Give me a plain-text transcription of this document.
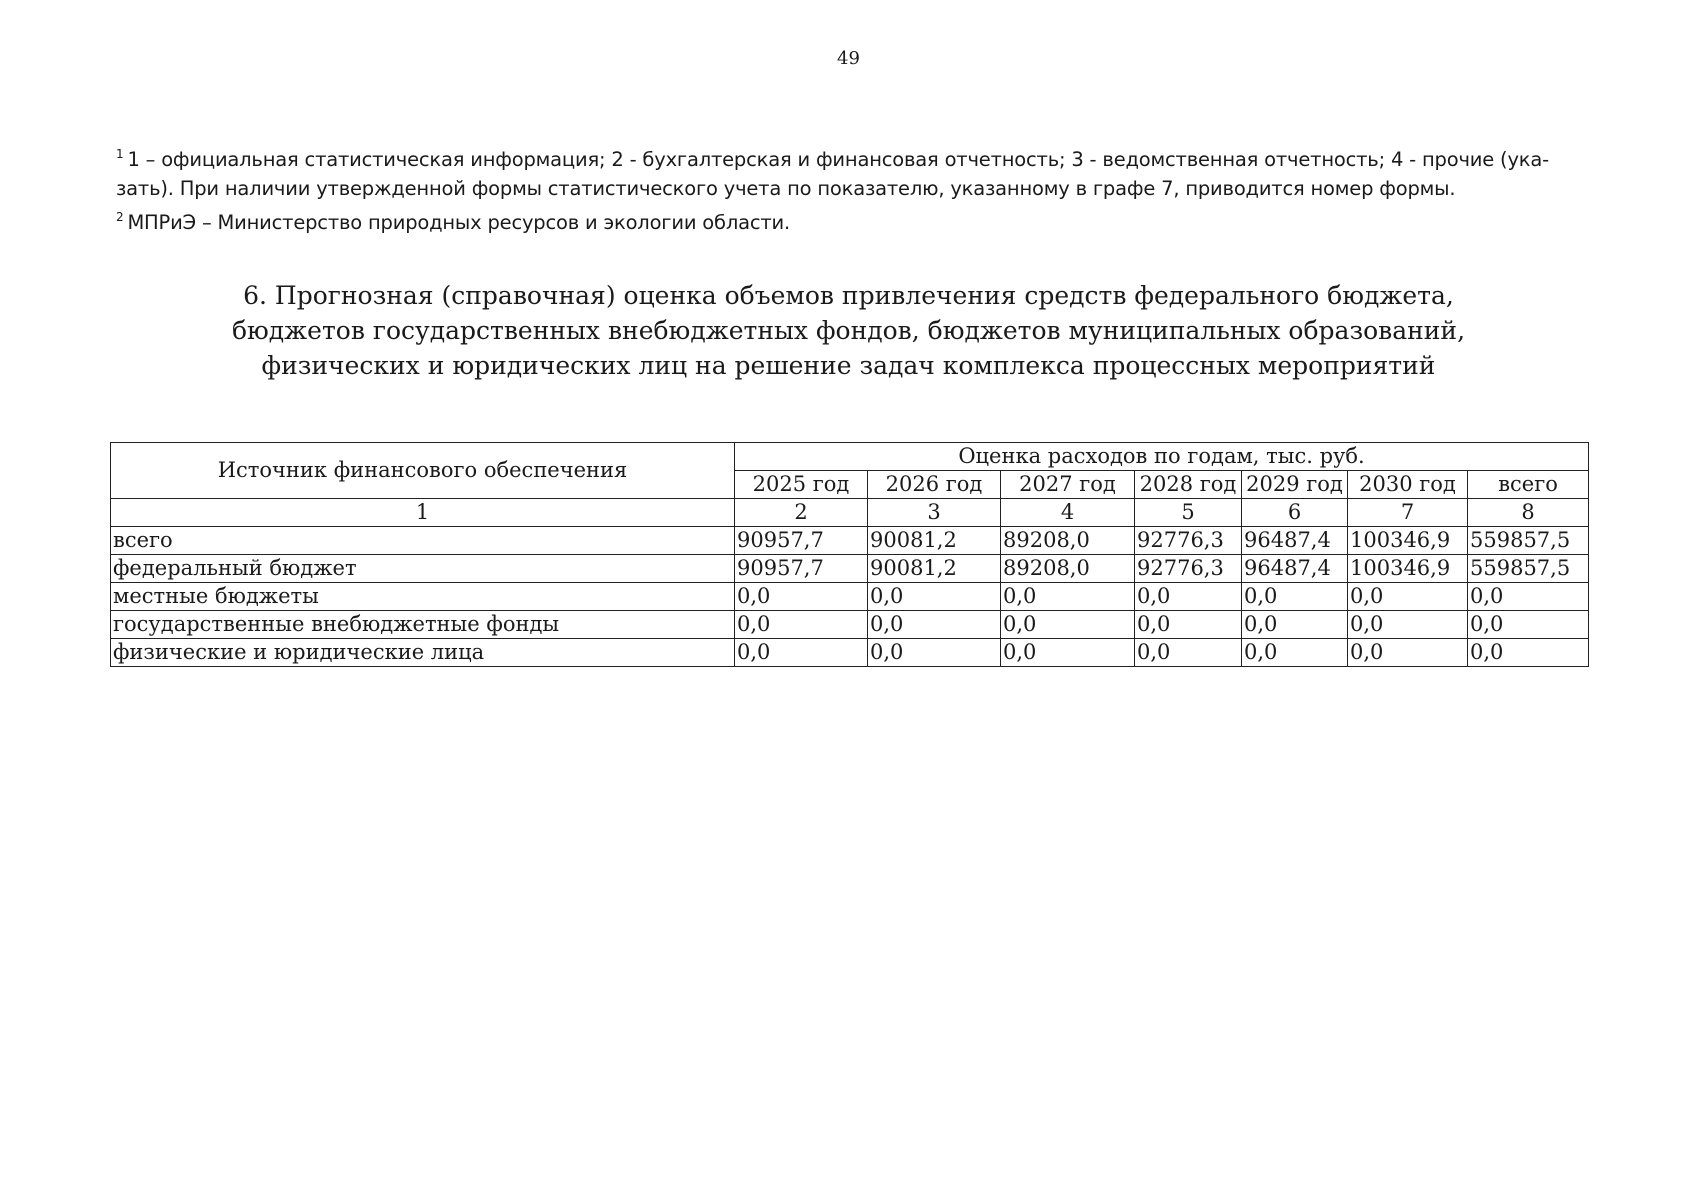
49

$^1$ 1 – официальная статистическая информация; 2 - бухгалтерская и финансовая отчетность; 3 - ведомственная отчетность; 4 - прочие (ука-зать). При наличии утвержденной формы статистического учета по показателю, указанному в графе 7, приводится номер формы.

$^2$ МПРиЭ – Министерство природных ресурсов и экологии области.

6. Прогнозная (справочная) оценка объемов привлечения средств федерального бюджета,
бюджетов государственных внебюджетных фондов, бюджетов муниципальных образований,
физических и юридических лиц на решение задач комплекса процессных мероприятий
Источник финансового обеспечения	Оценка расходов по годам, тыс. руб.						
	2025 год	2026 год	2027 год	2028 год	2029 год	2030 год	всего
1	2	3	4	5	6	7	8
всего	90957,7	90081,2	89208,0	92776,3	96487,4	100346,9	559857,5
федеральный бюджет	90957,7	90081,2	89208,0	92776,3	96487,4	100346,9	559857,5
местные бюджеты	0,0	0,0	0,0	0,0	0,0	0,0	0,0
государственные внебюджетные фонды	0,0	0,0	0,0	0,0	0,0	0,0	0,0
физические и юридические лица	0,0	0,0	0,0	0,0	0,0	0,0	0,0
